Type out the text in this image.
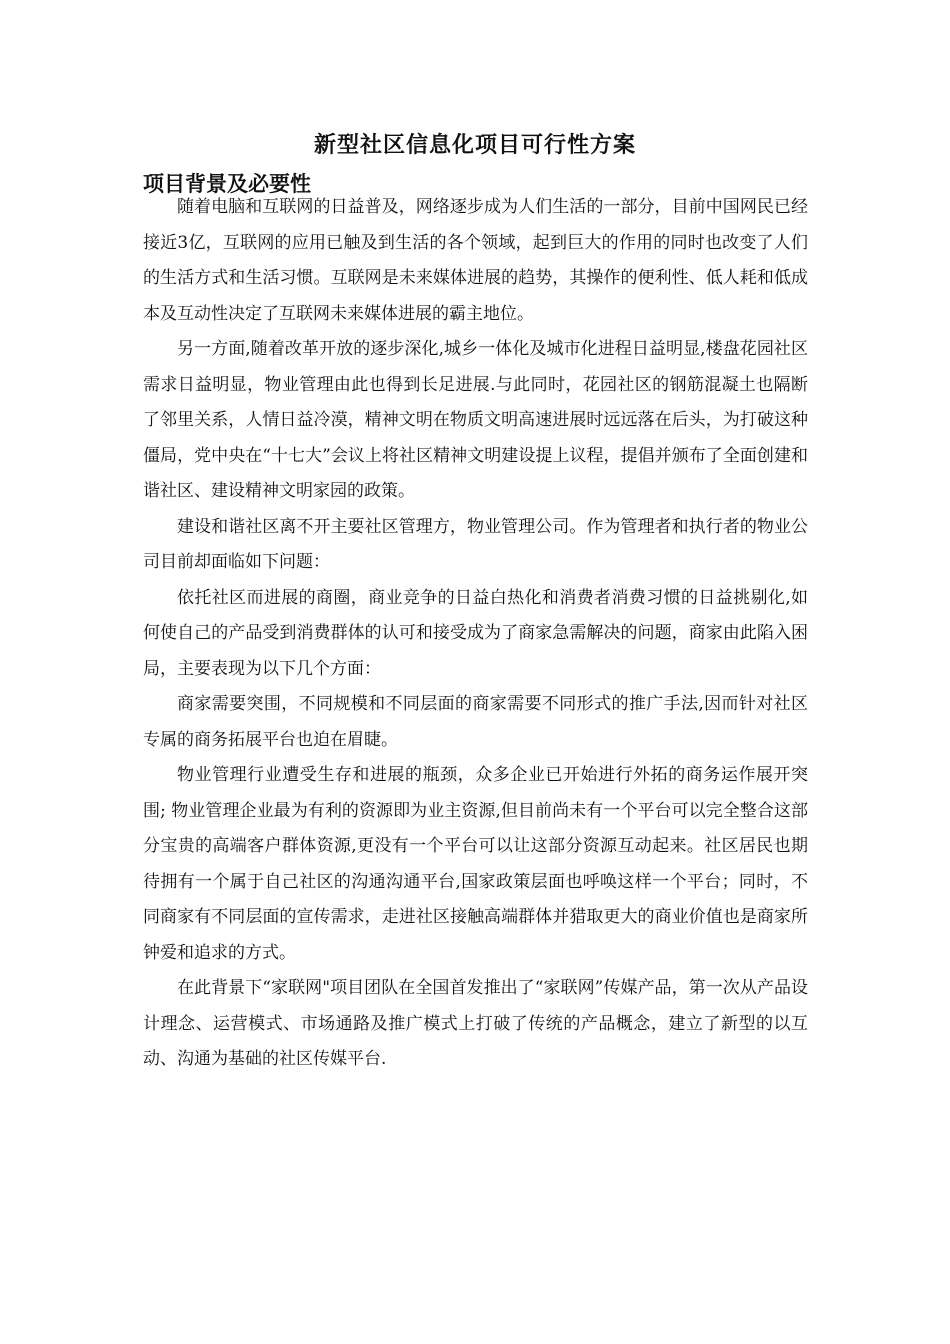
新型社区信息化项目可行性方案
项目背景及必要性

随着电脑和互联网的日益普及，网络逐步成为人们生活的一部分，目前中国网民已经接近3亿，互联网的应用已触及到生活的各个领域，起到巨大的作用的同时也改变了人们的生活方式和生活习惯。互联网是未来媒体进展的趋势，其操作的便利性、低人耗和低成本及互动性决定了互联网未来媒体进展的霸主地位。

另一方面,随着改革开放的逐步深化,城乡一体化及城市化进程日益明显,楼盘花园社区需求日益明显，物业管理由此也得到长足进展.与此同时，花园社区的钢筋混凝土也隔断了邻里关系，人情日益冷漠，精神文明在物质文明高速进展时远远落在后头，为打破这种僵局，党中央在“十七大”会议上将社区精神文明建设提上议程，提倡并颁布了全面创建和谐社区、建设精神文明家园的政策。

建设和谐社区离不开主要社区管理方，物业管理公司。作为管理者和执行者的物业公司目前却面临如下问题：

依托社区而进展的商圈，商业竞争的日益白热化和消费者消费习惯的日益挑剔化,如何使自己的产品受到消费群体的认可和接受成为了商家急需解决的问题，商家由此陷入困局，主要表现为以下几个方面：

商家需要突围，不同规模和不同层面的商家需要不同形式的推广手法,因而针对社区专属的商务拓展平台也迫在眉睫。

物业管理行业遭受生存和进展的瓶颈，众多企业已开始进行外拓的商务运作展开突围; 物业管理企业最为有利的资源即为业主资源,但目前尚未有一个平台可以完全整合这部分宝贵的高端客户群体资源,更没有一个平台可以让这部分资源互动起来。社区居民也期待拥有一个属于自己社区的沟通沟通平台,国家政策层面也呼唤这样一个平台；同时，不同商家有不同层面的宣传需求，走进社区接触高端群体并猎取更大的商业价值也是商家所钟爱和追求的方式。

在此背景下“家联网"项目团队在全国首发推出了“家联网”传媒产品，第一次从产品设计理念、运营模式、市场通路及推广模式上打破了传统的产品概念，建立了新型的以互动、沟通为基础的社区传媒平台.
